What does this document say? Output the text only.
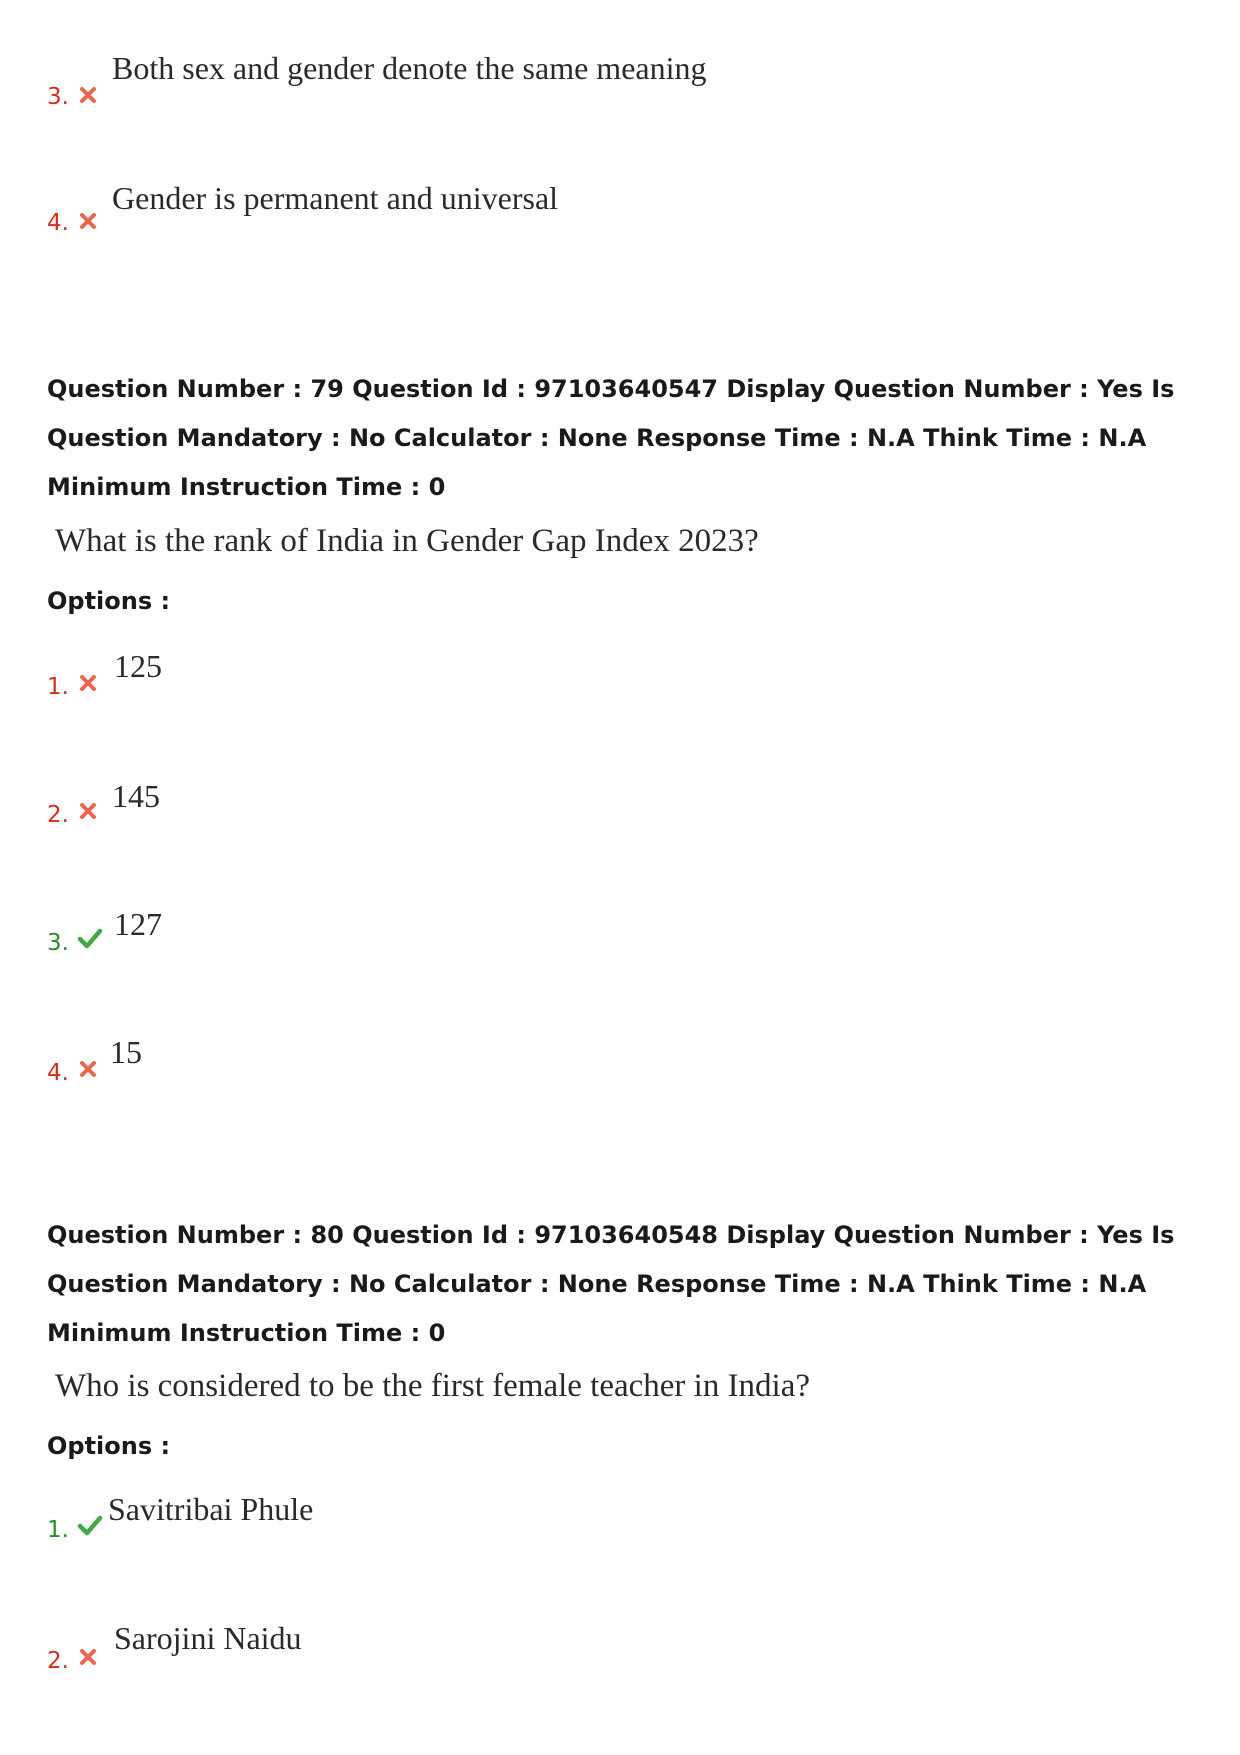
3.
Both sex and gender denote the same meaning
4.
Gender is permanent and universal
Question Number : 79 Question Id : 97103640547 Display Question Number : Yes Is Question Mandatory : No Calculator : None Response Time : N.A Think Time : N.A Minimum Instruction Time : 0
What is the rank of India in Gender Gap Index 2023?
Options :
1.
125
2.
145
3.
127
4.
15
Question Number : 80 Question Id : 97103640548 Display Question Number : Yes Is Question Mandatory : No Calculator : None Response Time : N.A Think Time : N.A Minimum Instruction Time : 0
Who is considered to be the first female teacher in India?
Options :
1.
Savitribai Phule
2.
Sarojini Naidu
